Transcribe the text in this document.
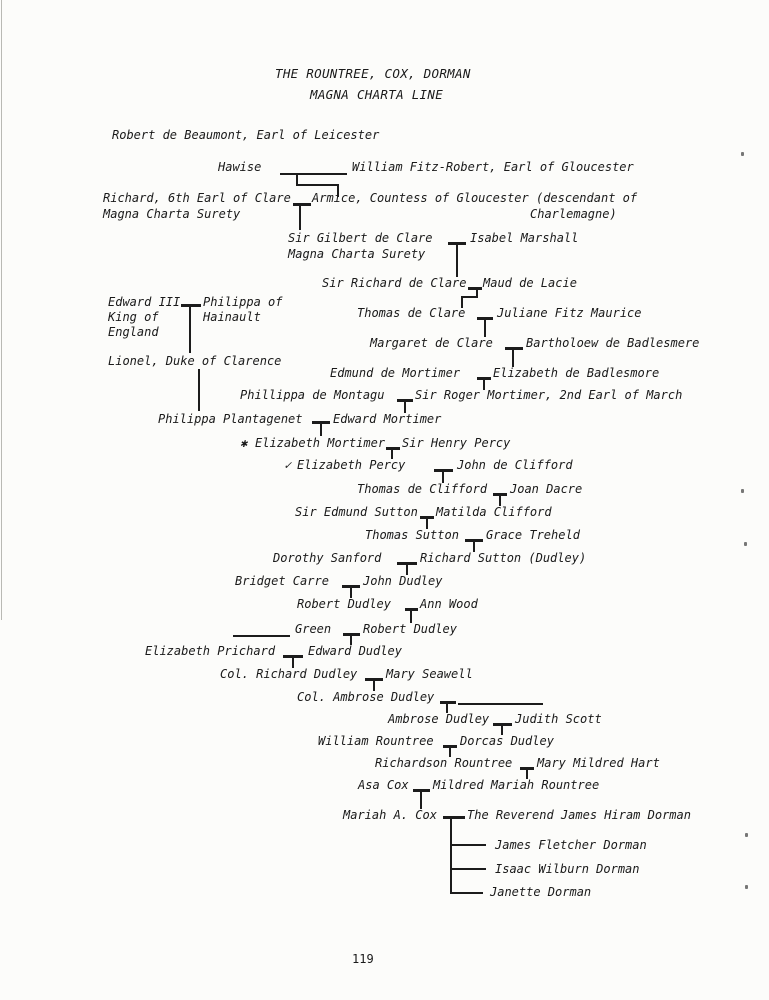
THE ROUNTREE, COX, DORMAN
MAGNA CHARTA LINE
Robert de Beaumont, Earl of Leicester
Hawise	William Fitz-Robert, Earl of Gloucester
Richard, 6th Earl of Clare Armice, Countess of Gloucester (descendant of
Magna Charta Surety	Charlemagne)
Sir Gilbert de Clare	Isabel Marshall
Magna Charta Surety
Sir Richard de Clare Maud de Lacie
Edward III Philippa of
King of	Hainault
England
Thomas de Clare	Juliane Fitz Maurice
Margaret de Clare	Bartholoew de Badlesmere
Lionel, Duke of Clarence
Edmund de Mortimer	Elizabeth de Badlesmore
Phillippa de Montagu	Sir Roger Mortimer, 2nd Earl of March
Philippa Plantagenet	Edward Mortimer
✱ Elizabeth Mortimer Sir Henry Percy
✓ Elizabeth Percy	John de Clifford
Thomas de Clifford Joan Dacre
Sir Edmund Sutton Matilda Clifford
Thomas Sutton Grace Treheld
Dorothy Sanford	Richard Sutton (Dudley)
Bridget Carre	John Dudley
Robert Dudley Ann Wood
Green	Robert Dudley
Elizabeth Prichard	Edward Dudley
Col. Richard Dudley Mary Seawell
Col. Ambrose Dudley
Ambrose Dudley Judith Scott
William Rountree Dorcas Dudley
Richardson Rountree Mary Mildred Hart
Asa Cox Mildred Mariah Rountree
Mariah A. Cox	The Reverend James Hiram Dorman
James Fletcher Dorman
Isaac Wilburn Dorman
Janette Dorman
119
